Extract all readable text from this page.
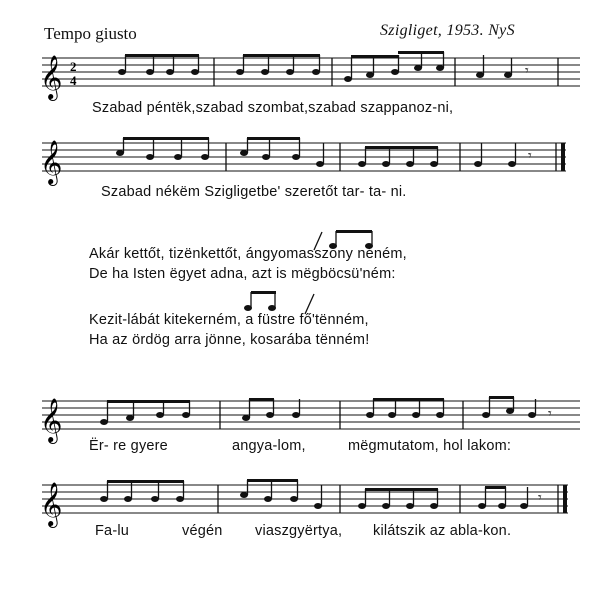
Tempo giusto	Szigliget, 1953. NyS
𝄞 2
4
𝄾
Szabad péntëk,szabad szombat,szabad szappanoz-ni,
𝄞	𝄾
Szabad nékëm Szigligetbe' szeretőt tar- ta- ni.
Akár kettőt, tizënkettőt, ángyomasszony néném,
De ha Isten ëgyet adna, azt is mëgböcsü'ném:
Kezit-lábát kitekerném, a füstre fő'tënném,
Ha az ördög arra jönne, kosarába tënném!
𝄞	𝄾
Ër- re gyere	angya-lom,	mëgmutatom, hol lakom:
𝄞	𝄾
Fa-lu	végén viaszgyërtya, kilátszik az abla-kon.
